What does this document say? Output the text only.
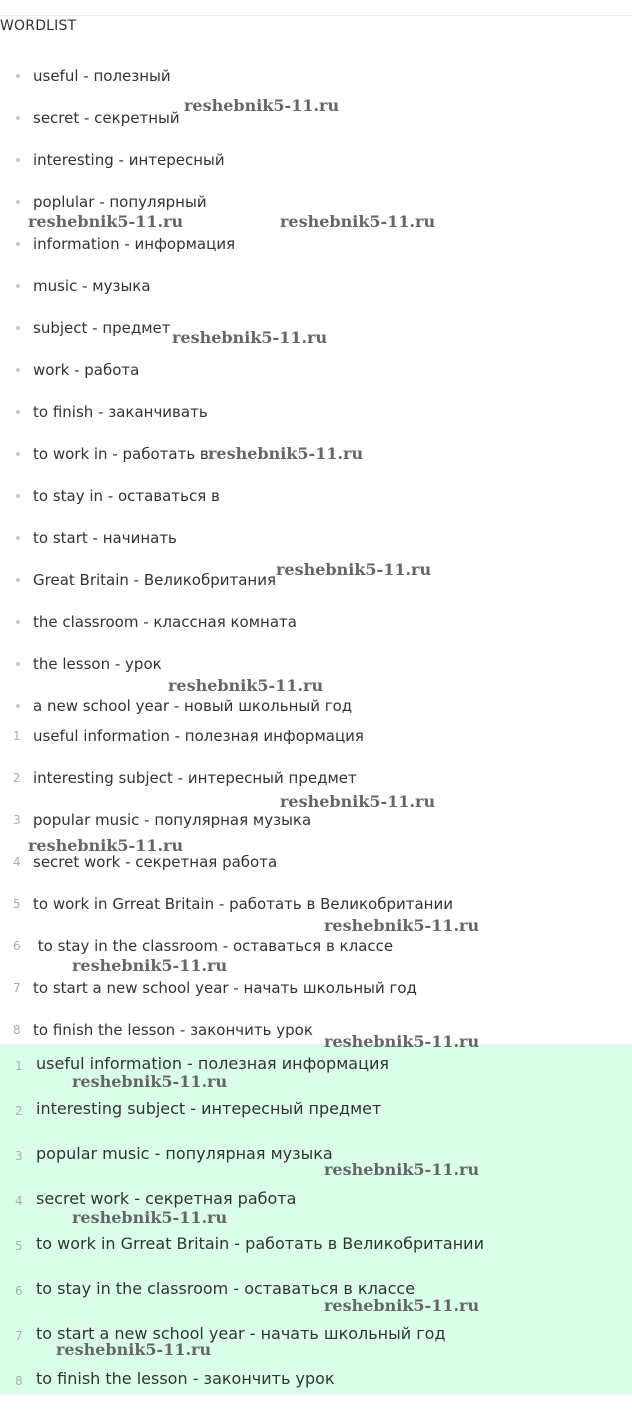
WORDLIST
useful - полезный
secret - секретный
interesting - интересный
poplular - популярный
information - информация
music - музыка
subject - предмет
work - работа
to finish - заканчивать
to work in - работать в
to stay in - оставаться в
to start - начинать
Great Britain - Великобритания
the classroom - классная комната
the lesson - урок
a new school year - новый школьный год
1 useful information - полезная информация
2 interesting subject - интересный предмет
3 popular music - популярная музыка
4 secret work - секретная работа
5 to work in Grreat Britain - работать в Великобритании
6 to stay in the classroom - оставаться в классе
7 to start a new school year - начать школьный год
8 to finish the lesson - закончить урок
1 useful information - полезная информация
2 interesting subject - интересный предмет
3 popular music - популярная музыка
4 secret work - секретная работа
5 to work in Grreat Britain - работать в Великобритании
6 to stay in the classroom - оставаться в классе
7 to start a new school year - начать школьный год
8 to finish the lesson - закончить урок
reshebnik5-11.ru
reshebnik5-11.ru	reshebnik5-11.ru
reshebnik5-11.ru
reshebnik5-11.ru
reshebnik5-11.ru
reshebnik5-11.ru
reshebnik5-11.ru
reshebnik5-11.ru
reshebnik5-11.ru
reshebnik5-11.ru
reshebnik5-11.ru
reshebnik5-11.ru
reshebnik5-11.ru
reshebnik5-11.ru
reshebnik5-11.ru
reshebnik5-11.ru
